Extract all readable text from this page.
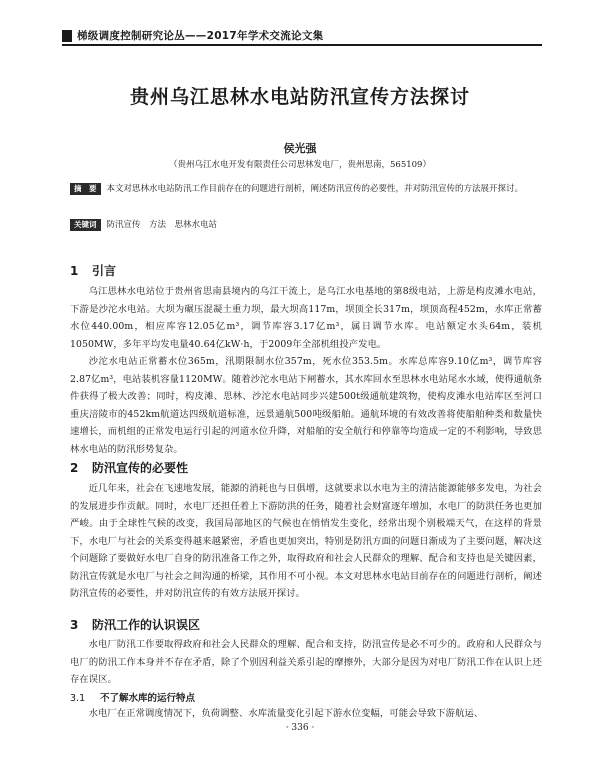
梯级调度控制研究论丛——2017年学术交流论文集
贵州乌江思林水电站防汛宣传方法探讨
侯光强
（贵州乌江水电开发有限责任公司思林发电厂，贵州思南，565109）
摘　要 本文对思林水电站防汛工作目前存在的问题进行剖析，阐述防汛宣传的必要性，并对防汛宣传的方法展开探讨。
关键词 防汛宣传　方法　思林水电站
1 引言

乌江思林水电站位于贵州省思南县境内的乌江干流上，是乌江水电基地的第8级电站，上游是构皮滩水电站，下游是沙沱水电站。大坝为碾压混凝土重力坝，最大坝高117m，坝顶全长317m，坝顶高程452m，水库正常蓄水位440.00m，相应库容12.05亿m³，调节库容3.17亿m³，属日调节水库。电站额定水头64m，装机1050MW，多年平均发电量40.64亿kW·h，于2009年全部机组投产发电。

沙沱水电站正常蓄水位365m，汛期限制水位357m，死水位353.5m。水库总库容9.10亿m³，调节库容2.87亿m³，电站装机容量1120MW。随着沙沱水电站下闸蓄水，其水库回水至思林水电站尾水水域，使得通航条件获得了极大改善；同时，构皮滩、思林、沙沱水电站同步兴建500t级通航建筑物，使构皮滩水电站库区至河口重庆涪陵市的452km航道达四级航道标准，远景通航500吨级船舶。通航环境的有效改善将使船舶种类和数量快速增长，而机组的正常发电运行引起的河道水位升降，对船舶的安全航行和停靠等均造成一定的不利影响，导致思林水电站的防汛形势复杂。

2 防汛宣传的必要性

近几年来，社会在飞速地发展，能源的消耗也与日俱增，这就要求以水电为主的清洁能源能够多发电，为社会的发展进步作贡献。同时，水电厂还担任着上下游防洪的任务，随着社会财富逐年增加，水电厂的防洪任务也更加严峻。由于全球性气候的改变，我国局部地区的气候也在悄悄发生变化，经常出现个别极端天气，在这样的背景下，水电厂与社会的关系变得越来越紧密，矛盾也更加突出，特别是防汛方面的问题日渐成为了主要问题，解决这个问题除了要做好水电厂自身的防汛准备工作之外，取得政府和社会人民群众的理解、配合和支持也是关键因素，防汛宣传就是水电厂与社会之间沟通的桥梁，其作用不可小视。本文对思林水电站目前存在的问题进行剖析，阐述防汛宣传的必要性，并对防汛宣传的有效方法展开探讨。

3 防汛工作的认识误区

水电厂防汛工作要取得政府和社会人民群众的理解、配合和支持，防汛宣传是必不可少的。政府和人民群众与电厂的防汛工作本身并不存在矛盾，除了个别因利益关系引起的摩擦外，大部分是因为对电厂防汛工作在认识上还存在误区。

3.1 不了解水库的运行特点

水电厂在正常调度情况下，负荷调整、水库流量变化引起下游水位变幅，可能会导致下游航运、

· 336 ·
